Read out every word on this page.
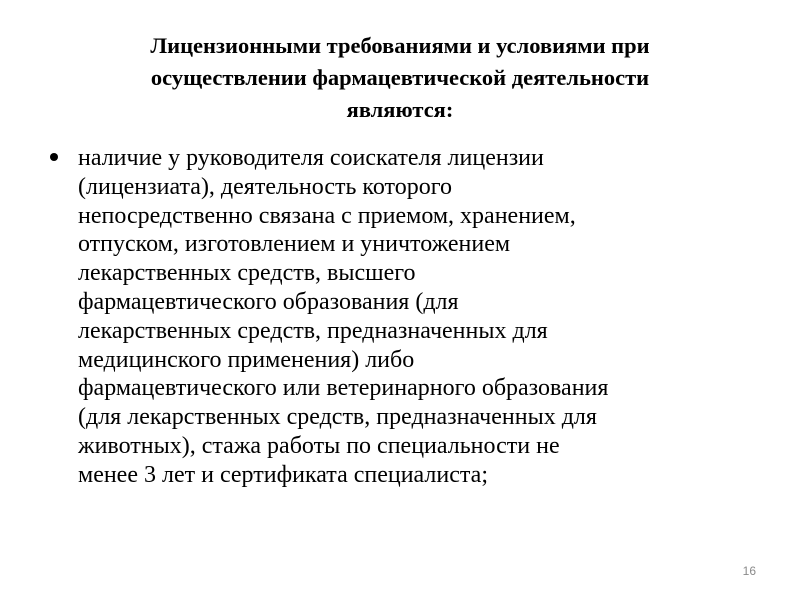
Лицензионными требованиями и условиями при
осуществлении фармацевтической деятельности
являются:
наличие у руководителя соискателя лицензии
(лицензиата), деятельность которого
непосредственно связана с приемом, хранением,
отпуском, изготовлением и уничтожением
лекарственных средств, высшего
фармацевтического образования (для
лекарственных средств, предназначенных для
медицинского применения) либо
фармацевтического или ветеринарного образования
(для лекарственных средств, предназначенных для
животных), стажа работы по специальности не
менее 3 лет и сертификата специалиста;
16
